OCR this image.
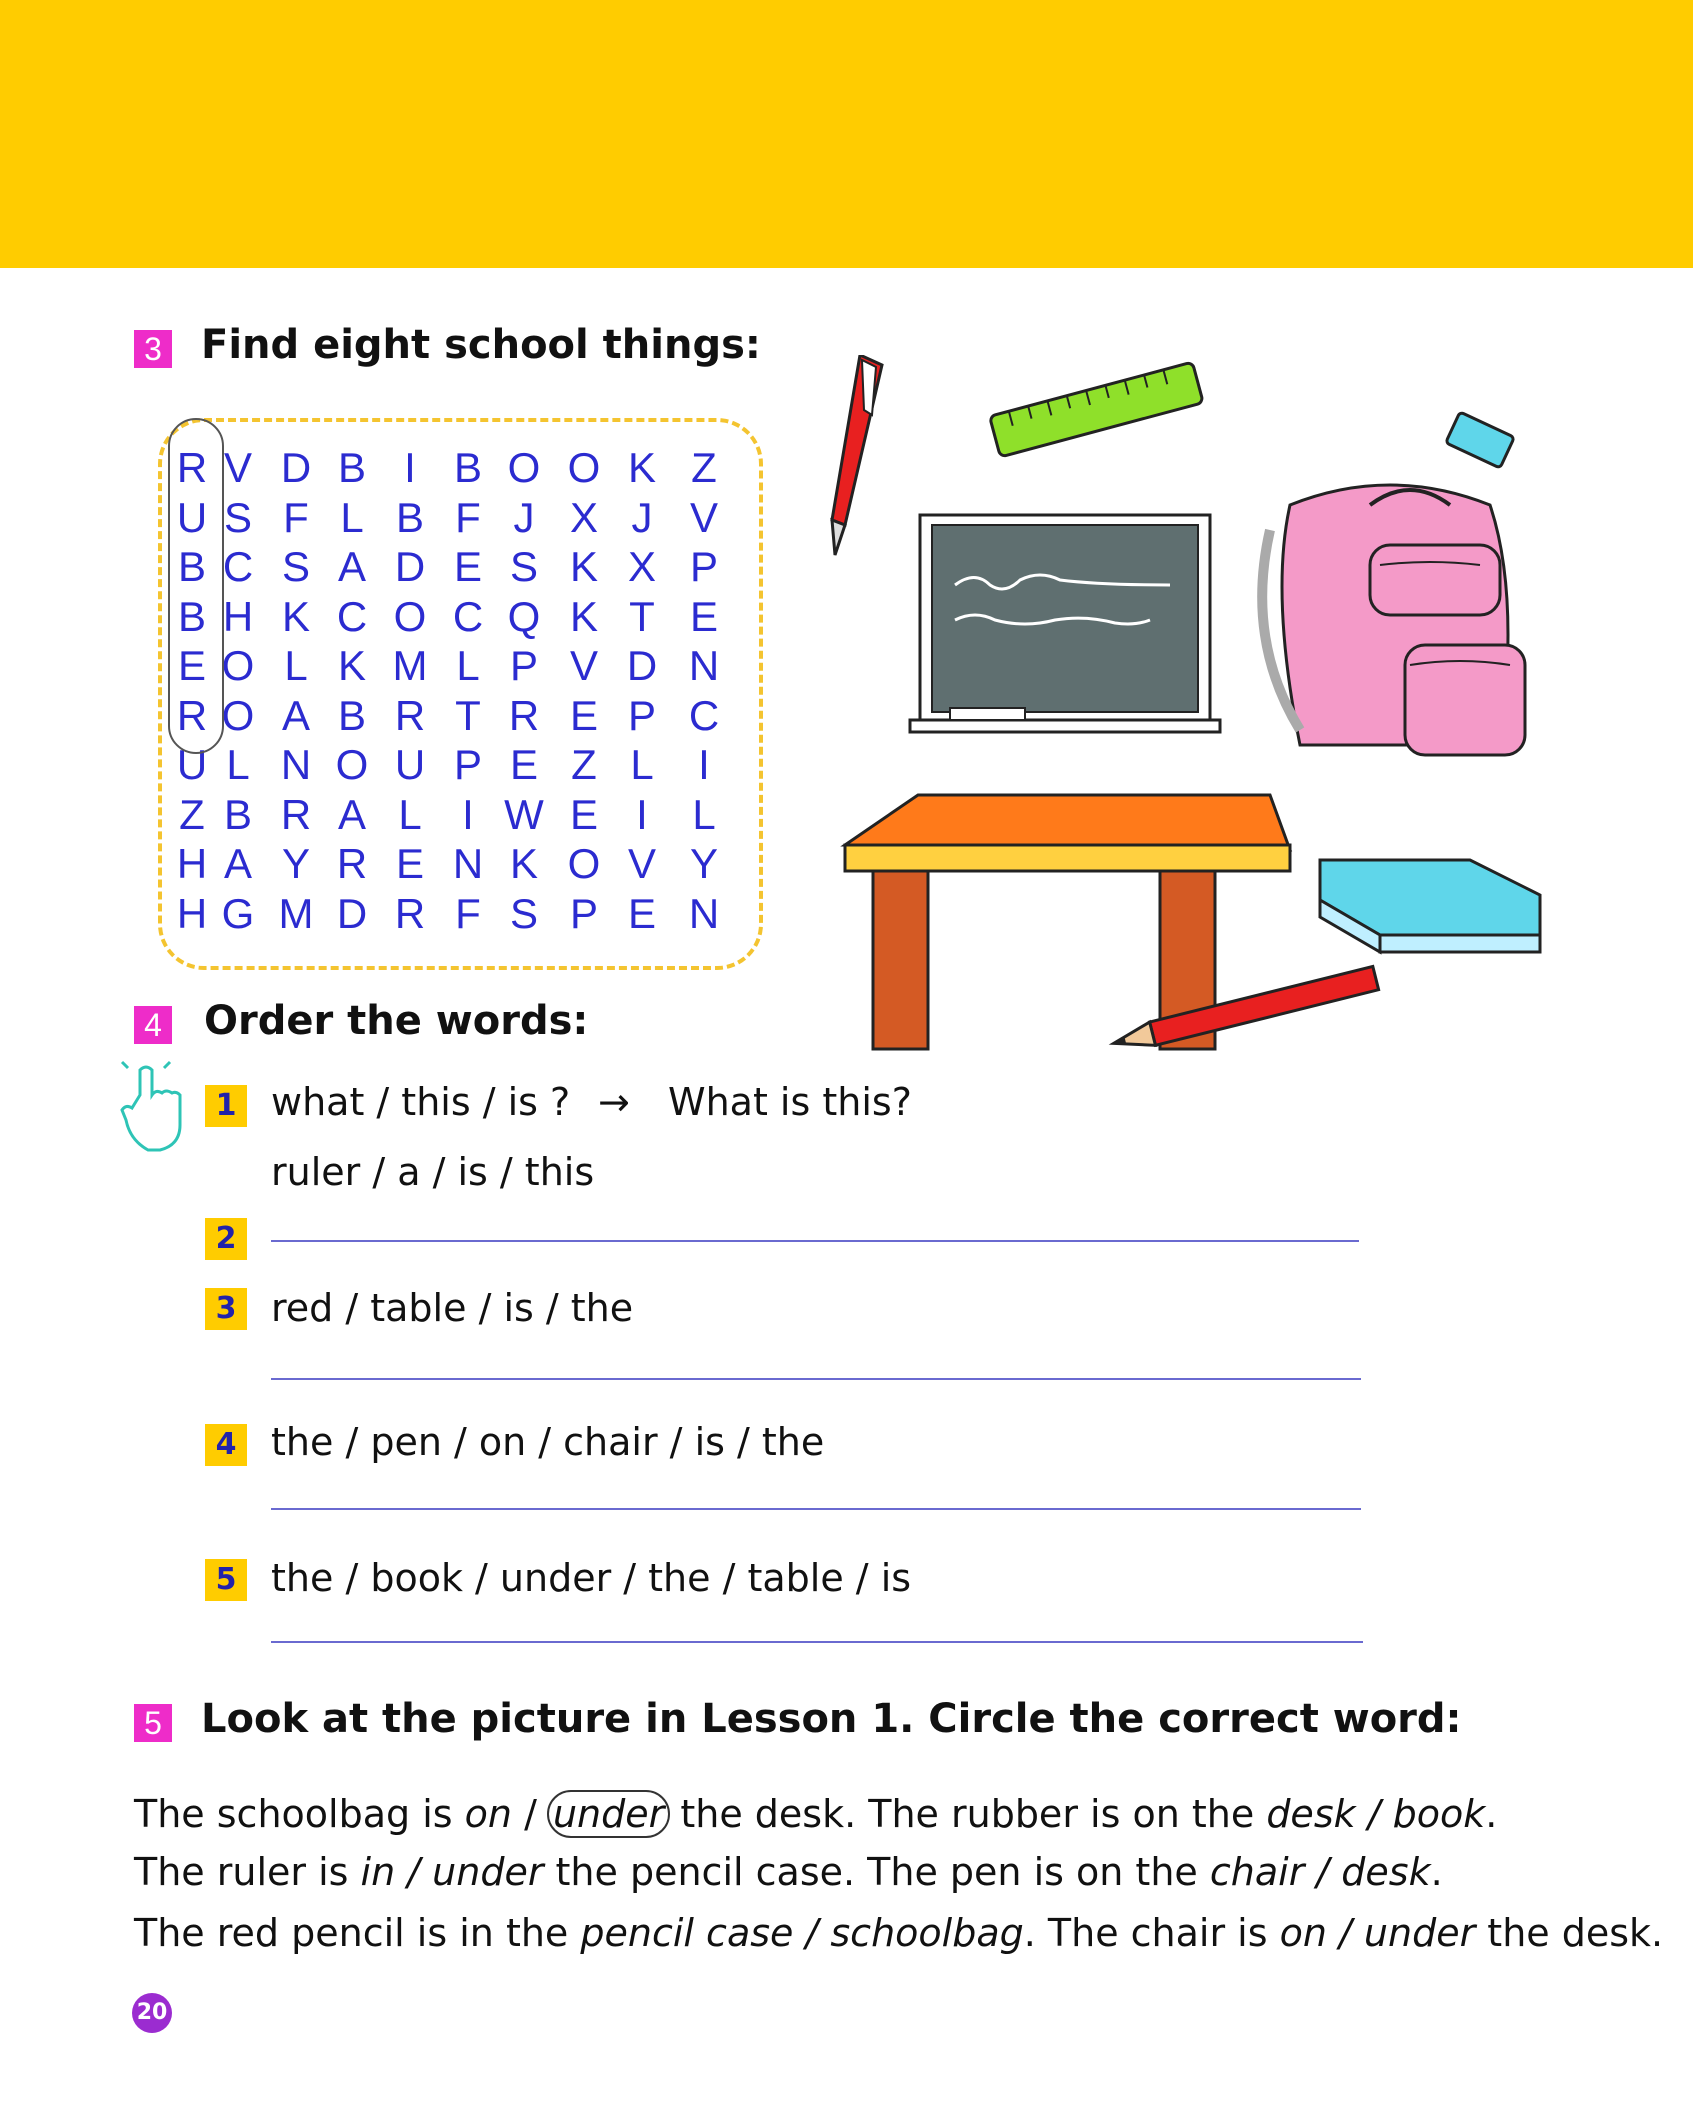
3 Find eight school things:
R V D B I B O O K Z
U S F L B F J X J V
B C S A D E S K X P
B H K C O C Q K T E
E O L K M L P V D N
R O A B R T R E P C
U L N O U P E Z L	I
Z B R A L I W E I	L
H A Y R E N K O V Y
H G M D R F S P E N
4 Order the words:
1 what / this / is ? → What is this?
ruler / a / is / this
2
3 red / table / is / the
4 the / pen / on / chair / is / the
5 the / book / under / the / table / is
5 Look at the picture in Lesson 1. Circle the correct word:
The schoolbag is on / under the desk. The rubber is on the desk / book.
The ruler is in / under the pencil case. The pen is on the chair / desk.
The red pencil is in the pencil case / schoolbag. The chair is on / under the desk.
20
